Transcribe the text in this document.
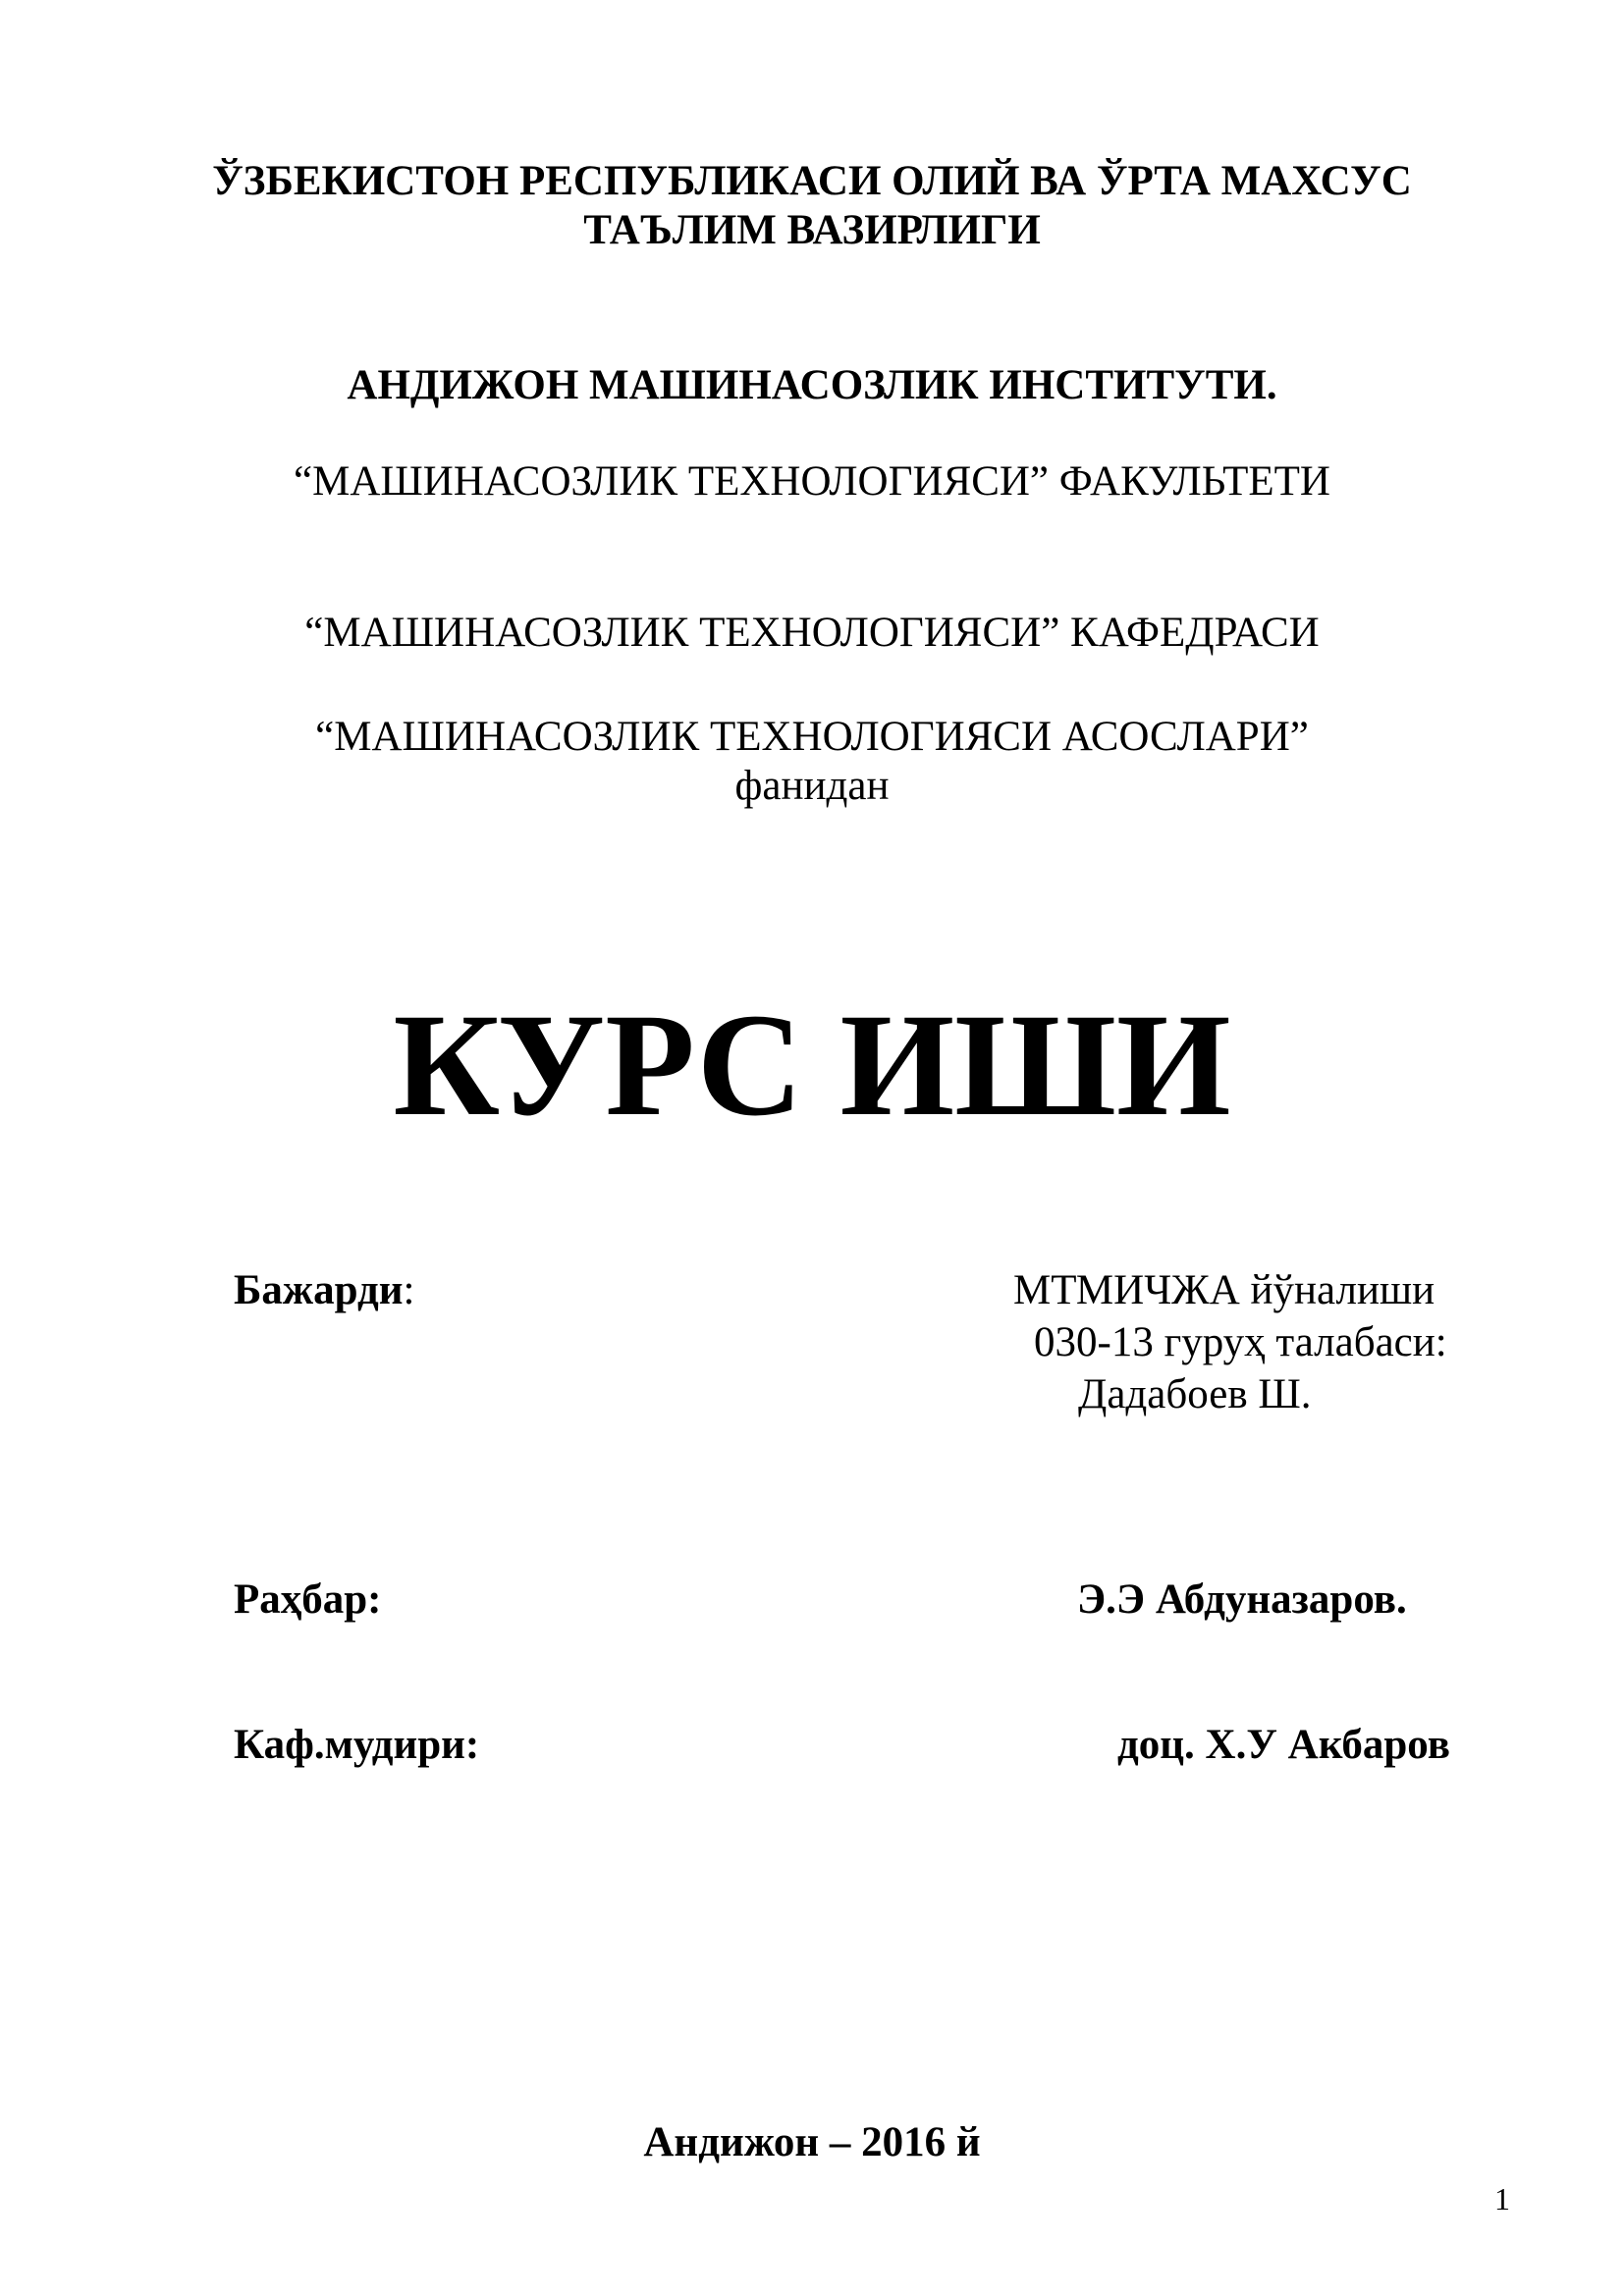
ЎЗБЕКИСТОН РЕСПУБЛИКАСИ ОЛИЙ ВА ЎРТА МАХСУС
ТАЪЛИМ ВАЗИРЛИГИ
АНДИЖОН МАШИНАСОЗЛИК ИНСТИТУТИ.
“МАШИНАСОЗЛИК ТЕХНОЛОГИЯСИ” ФАКУЛЬТЕТИ
“МАШИНАСОЗЛИК ТЕХНОЛОГИЯСИ” КАФЕДРАСИ
“МАШИНАСОЗЛИК ТЕХНОЛОГИЯСИ АСОСЛАРИ”
фанидан
КУРС ИШИ
Бажарди:	МТМИЧЖА йўналиши
030-13 гуруҳ талабаси:
Дадабоев Ш.
Раҳбар:	Э.Э Абдуназаров.
Каф.мудири:	доц. Х.У Акбаров
Андижон – 2016 й
1
